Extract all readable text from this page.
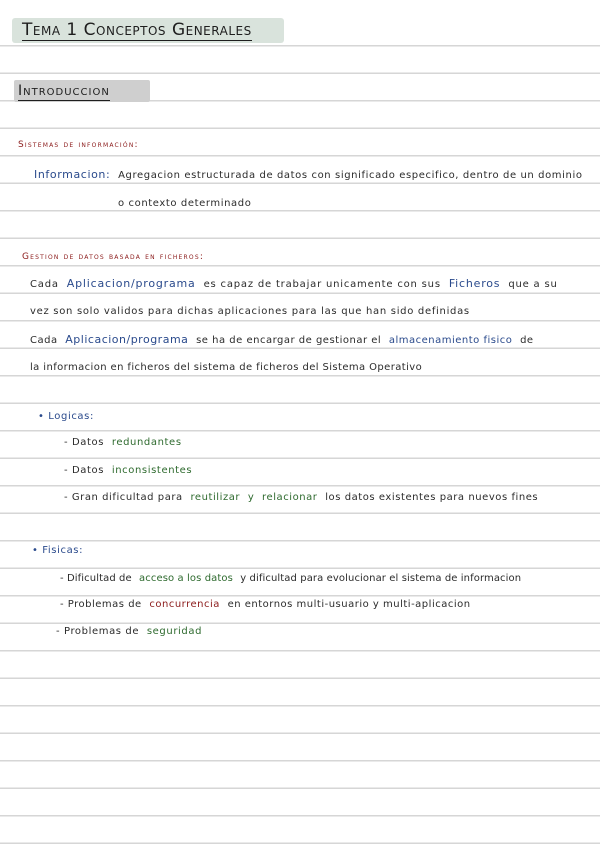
Tema 1 Conceptos Generales
Introduccion
Sistemas de información:
Informacion: Agregacion estructurada de datos con significado especifico, dentro de un dominio
o contexto determinado
Gestion de datos basada en ficheros:
Cada Aplicacion/programa es capaz de trabajar unicamente con sus Ficheros que a su
vez son solo validos para dichas aplicaciones para las que han sido definidas
Cada Aplicacion/programa se ha de encargar de gestionar el almacenamiento fisico de
la informacion en ficheros del sistema de ficheros del Sistema Operativo
• Logicas:
- Datos redundantes
- Datos inconsistentes
- Gran dificultad para reutilizar y relacionar los datos existentes para nuevos fines
• Fisicas:
- Dificultad de acceso a los datos y dificultad para evolucionar el sistema de informacion
- Problemas de concurrencia en entornos multi-usuario y multi-aplicacion
- Problemas de seguridad
